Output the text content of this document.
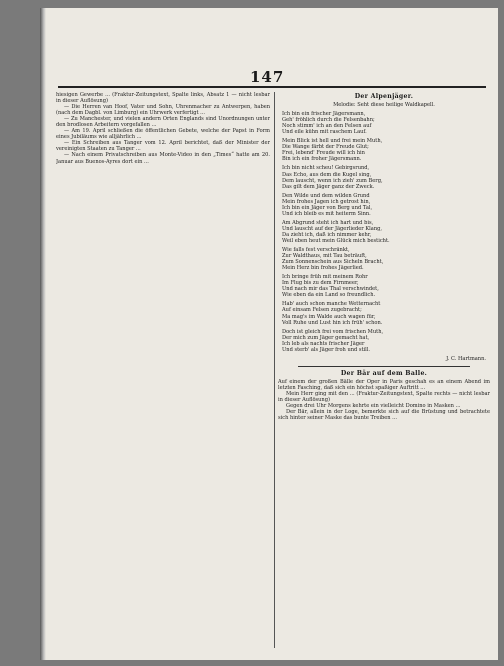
147

hiesigen Gewerbe ... (Fraktur-Zeitungstext, Spalte links, Absatz 1 — nicht lesbar in dieser Auflösung)

— Die Herren van Hoof, Vater und Sohn, Uhrenmacher zu Antwerpen, haben (nach dem Dagbl. von Limburg) ein Uhrwerk verfertigt ...

— Zu Manchester, und vielen andern Orten Englands sind Unordnungen unter den brodlosen Arbeitern vorgefallen ...

— Am 19. April schließen die öffentlichen Gebete, welche der Papst in Form eines Jubiläums wie alljährlich ...

— Ein Schreiben aus Tanger vom 12. April berichtet, daß der Minister der vereinigten Staaten zu Tanger ...

— Nach einem Privatschreiben aus Monte-Video in den „Times“ hatte am 20. Januar aus Buenos-Ayres dort ein ...

Der Alpenjäger.
Melodie: Seht diese heilige Waldkapell.
Ich bin ein frischer Jägersmann,
Geh' fröhlich durch die Felsenbahn;
Noch stimm' ich an den Felsen auf
Und eile kühn mit raschem Lauf.
Mein Blick ist hell und frei mein Muth,
Die Wange färbt der Freude Glut;
Frei, lebend' Freude will ich hin
Bin ich ein froher Jägersmann.
Ich bin nicht scheu! Gebirgsrund,
Das Echo, aus dem die Kugel sing,
Dem lauscht, wenn ich zieh' zum Berg,
Das gilt dem Jäger ganz der Zweck.
Den Wilde und dem wilden Grund
Mein frohes Jagen ich getrost hin,
Ich bin ein Jäger von Berg und Tal,
Und ich bleib es mit heiterm Sinn.
Am Abgrund steht ich hart und bis,
Und lauscht auf der Jägerlieder Klang,
Da zieht ich, daß ich nimmer kehr,
Weil eben heut mein Glück mich besticht.
Wie falls fest verschränkt,
Zur Waldthaus, mit Tau beträuft,
Zum Sonnenschein aus Sicheln Bracht,
Mein Herz bin frohes Jägerlied.
Ich bringe früh mit meinem Rohr
Im Flug bis zu dem Firnmeer,
Und nach mir das Thal verschwindet,
Wie eben da ein Land so freundlich.
Hab' auch schon manche Wetternacht
Auf einsam Felsen zugebracht;
Ma mag's im Walde auch wagen für,
Voll Ruhe und Lust hin ich früh' schon.
Doch ist gleich frei vom frischen Muth,
Der mich zum Jäger gemacht hat,
Ich leb als nachts frischer Jäger
Und sterb' als Jäger froh und still.
J. C. Hartmann.
Der Bär auf dem Balle.

Auf einem der großen Bälle der Oper in Paris geschah es an einem Abend im letzten Fasching, daß sich ein höchst spaßiger Auftritt ...

Mein Herr ging mit den ... (Fraktur-Zeitungstext, Spalte rechts — nicht lesbar in dieser Auflösung)

Gegen drei Uhr Morgens kehrte ein vielleicht Domino in Masken ...

Der Bär, allein in der Loge, bemerkte sich auf die Brüstung und betrachtete sich hinter seiner Maske das bunte Treiben ...
